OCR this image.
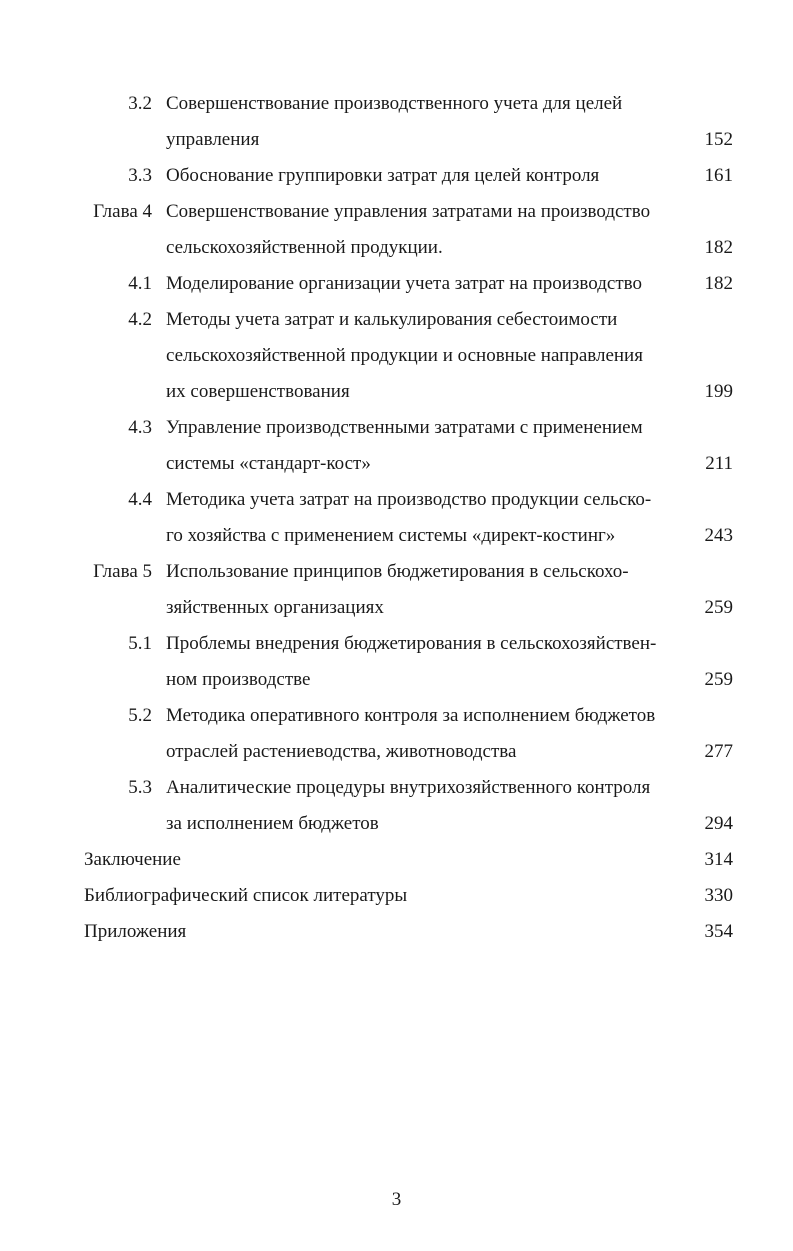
3.2 Совершенствование производственного учета для целей
управления	152
3.3 Обоснование группировки затрат для целей контроля	161
Глава 4 Совершенствование управления затратами на производство
сельскохозяйственной продукции.	182
4.1 Моделирование организации учета затрат на производство	182
4.2 Методы учета затрат и калькулирования себестоимости
сельскохозяйственной продукции и основные направления
их совершенствования	199
4.3 Управление производственными затратами с применением
системы «стандарт-кост»	211
4.4 Методика учета затрат на производство продукции сельско-
го хозяйства с применением системы «директ-костинг»	243
Глава 5 Использование принципов бюджетирования в сельскохо-
зяйственных организациях	259
5.1 Проблемы внедрения бюджетирования в сельскохозяйствен-
ном производстве	259
5.2 Методика оперативного контроля за исполнением бюджетов
отраслей растениеводства, животноводства	277
5.3 Аналитические процедуры внутрихозяйственного контроля
за исполнением бюджетов	294
Заключение	314
Библиографический список литературы	330
Приложения	354
3
